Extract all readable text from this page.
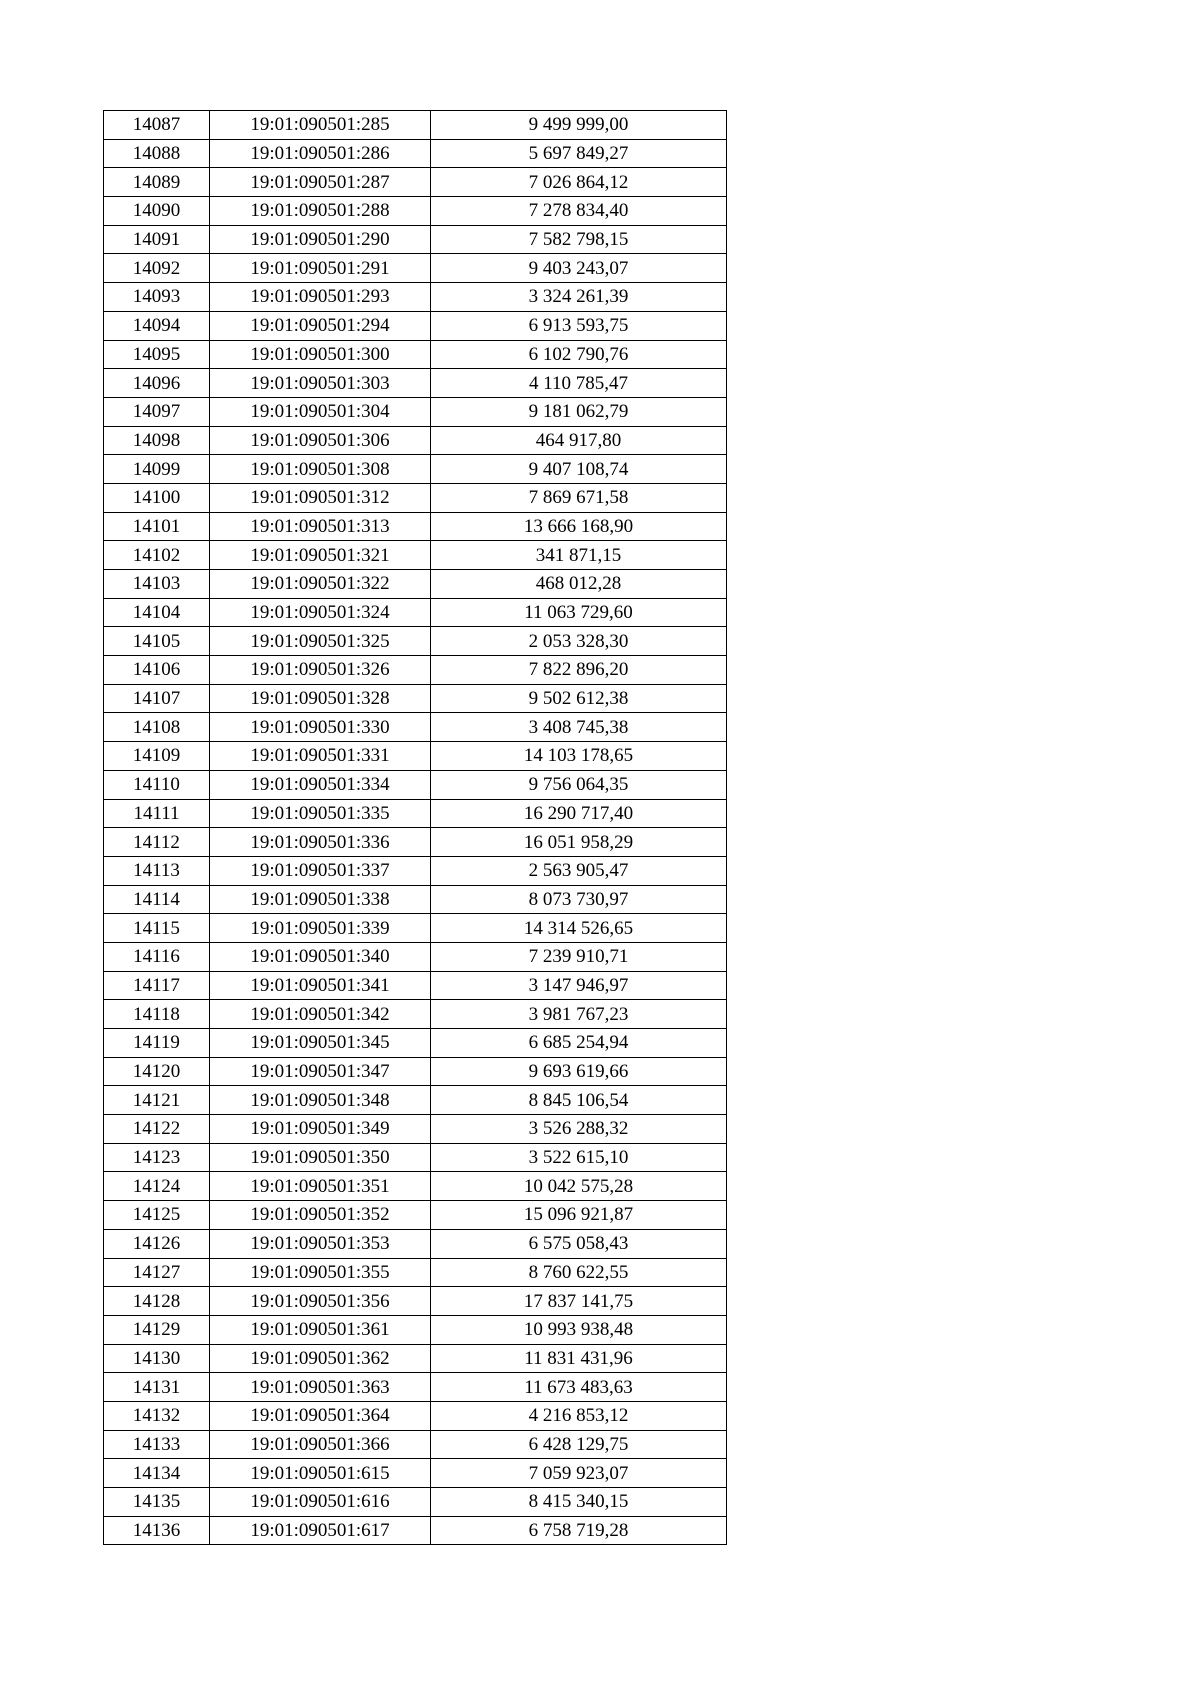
14087	19:01:090501:285	9 499 999,00
14088	19:01:090501:286	5 697 849,27
14089	19:01:090501:287	7 026 864,12
14090	19:01:090501:288	7 278 834,40
14091	19:01:090501:290	7 582 798,15
14092	19:01:090501:291	9 403 243,07
14093	19:01:090501:293	3 324 261,39
14094	19:01:090501:294	6 913 593,75
14095	19:01:090501:300	6 102 790,76
14096	19:01:090501:303	4 110 785,47
14097	19:01:090501:304	9 181 062,79
14098	19:01:090501:306	464 917,80
14099	19:01:090501:308	9 407 108,74
14100	19:01:090501:312	7 869 671,58
14101	19:01:090501:313	13 666 168,90
14102	19:01:090501:321	341 871,15
14103	19:01:090501:322	468 012,28
14104	19:01:090501:324	11 063 729,60
14105	19:01:090501:325	2 053 328,30
14106	19:01:090501:326	7 822 896,20
14107	19:01:090501:328	9 502 612,38
14108	19:01:090501:330	3 408 745,38
14109	19:01:090501:331	14 103 178,65
14110	19:01:090501:334	9 756 064,35
14111	19:01:090501:335	16 290 717,40
14112	19:01:090501:336	16 051 958,29
14113	19:01:090501:337	2 563 905,47
14114	19:01:090501:338	8 073 730,97
14115	19:01:090501:339	14 314 526,65
14116	19:01:090501:340	7 239 910,71
14117	19:01:090501:341	3 147 946,97
14118	19:01:090501:342	3 981 767,23
14119	19:01:090501:345	6 685 254,94
14120	19:01:090501:347	9 693 619,66
14121	19:01:090501:348	8 845 106,54
14122	19:01:090501:349	3 526 288,32
14123	19:01:090501:350	3 522 615,10
14124	19:01:090501:351	10 042 575,28
14125	19:01:090501:352	15 096 921,87
14126	19:01:090501:353	6 575 058,43
14127	19:01:090501:355	8 760 622,55
14128	19:01:090501:356	17 837 141,75
14129	19:01:090501:361	10 993 938,48
14130	19:01:090501:362	11 831 431,96
14131	19:01:090501:363	11 673 483,63
14132	19:01:090501:364	4 216 853,12
14133	19:01:090501:366	6 428 129,75
14134	19:01:090501:615	7 059 923,07
14135	19:01:090501:616	8 415 340,15
14136	19:01:090501:617	6 758 719,28
